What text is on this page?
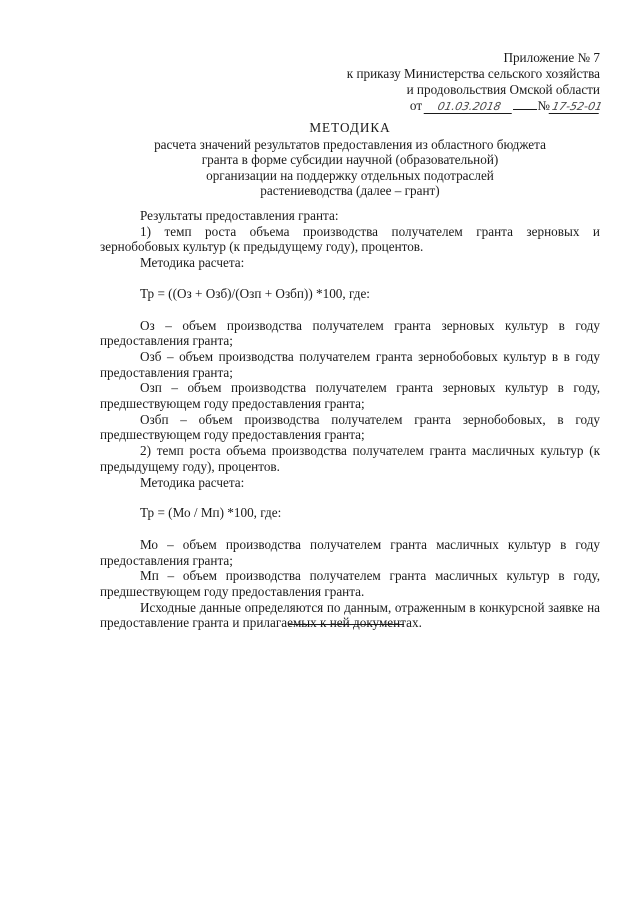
Приложение № 7
к приказу Министерства сельского хозяйства
и продовольствия Омской области
от 01.03.2018	№17-52-01
МЕТОДИКА
расчета значений результатов предоставления из областного бюджета
гранта в форме субсидии научной (образовательной)
организации на поддержку отдельных подотраслей
растениеводства (далее – грант)

Результаты предоставления гранта:

1) темп роста объема производства получателем гранта зерновых и зернобобовых культур (к предыдущему году), процентов.

Методика расчета:

Тр = ((Оз + Озб)/(Озп + Озбп)) *100, где:

Оз – объем производства получателем гранта зерновых культур в году предоставления гранта;

Озб – объем производства получателем гранта зернобобовых культур в в году предоставления гранта;

Озп – объем производства получателем гранта зерновых культур в году, предшествующем году предоставления гранта;

Озбп – объем производства получателем гранта зернобобовых, в году предшествующем году предоставления гранта;

2) темп роста объема производства получателем гранта масличных культур (к предыдущему году), процентов.

Методика расчета:

Тр = (Мо / Мп) *100, где:

Мо – объем производства получателем гранта масличных культур в году предоставления гранта;

Мп – объем производства получателем гранта масличных культур в году, предшествующем году предоставления гранта.

Исходные данные определяются по данным, отраженным в конкурсной заявке на предоставление гранта и прилагаемых к ней документах.
